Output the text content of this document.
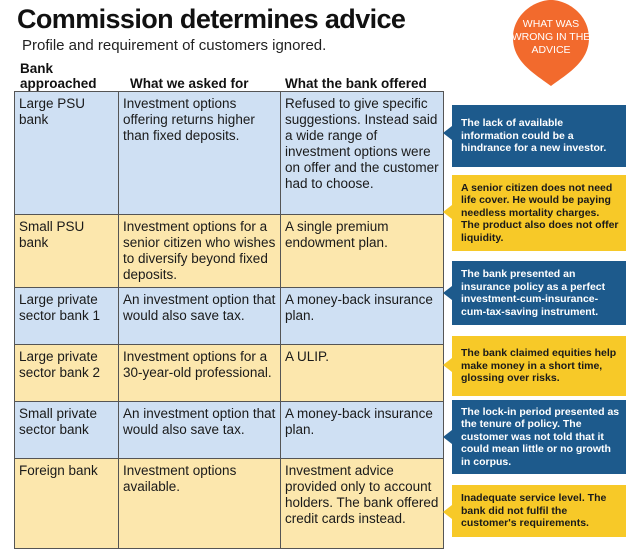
Commission determines advice
Profile and requirement of customers ignored.
WHAT WAS WRONG IN THE ADVICE
Bank approached	What we asked for	What the bank offered
Large PSU bank	Investment options offering returns higher than fixed deposits.	Refused to give specific suggestions. Instead said a wide range of investment options were on offer and the customer had to choose.
Small PSU bank	Investment options for a senior citizen who wishes to diversify beyond fixed deposits.	A single premium endowment plan.
Large private sector bank 1	An investment option that would also save tax.	A money-back insurance plan.
Large private sector bank 2	Investment options for a 30-year-old professional.	A ULIP.
Small private sector bank	An investment option that would also save tax.	A money-back insurance plan.
Foreign bank	Investment options available.	Investment advice provided only to account holders. The bank offered credit cards instead.
The lack of available information could be a hindrance for a new investor.
A senior citizen does not need life cover. He would be paying needless mortality charges. The product also does not offer liquidity.
The bank presented an insurance policy as a perfect investment-cum-insurance-cum-tax-saving instrument.
The bank claimed equities help make money in a short time, glossing over risks.
The lock-in period presented as the tenure of policy. The customer was not told that it could mean little or no growth in corpus.
Inadequate service level. The bank did not fulfil the customer's requirements.
